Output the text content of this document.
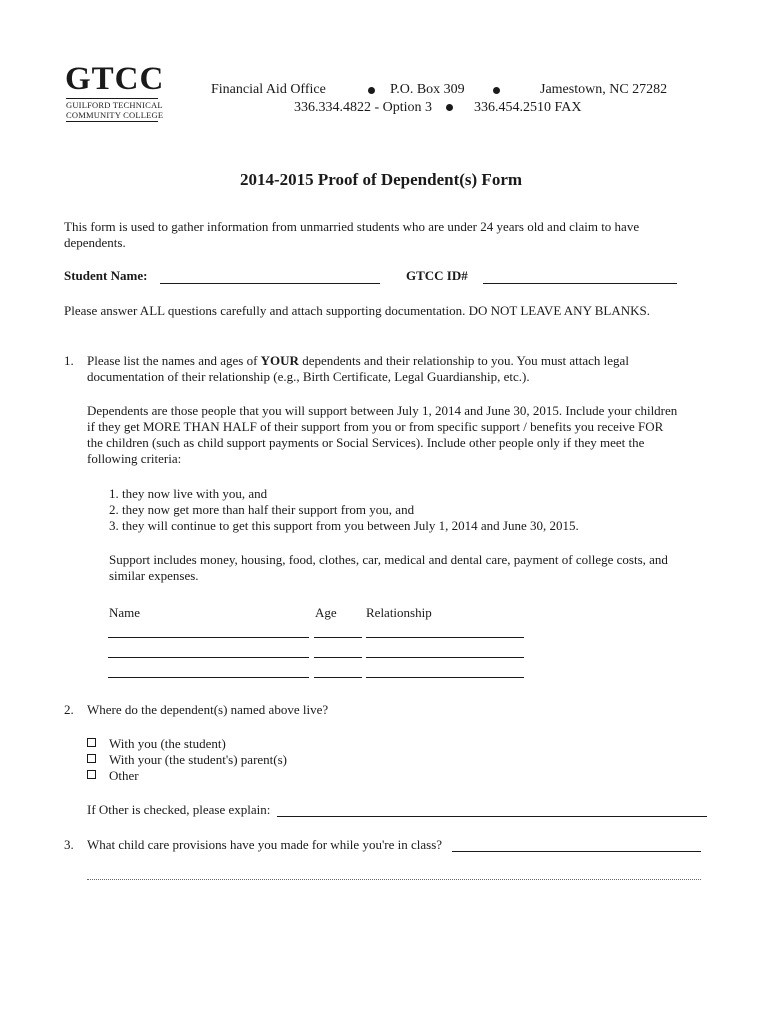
GTCC
GUILFORD TECHNICAL
COMMUNITY COLLEGE
Financial Aid Office	P.O. Box 309	Jamestown, NC 27282
336.334.4822 - Option 3	336.454.2510 FAX
2014-2015 Proof of Dependent(s) Form
This form is used to gather information from unmarried students who are under 24 years old and claim to have
dependents.
Student Name:	GTCC ID#
Please answer ALL questions carefully and attach supporting documentation. DO NOT LEAVE ANY BLANKS.
1. Please list the names and ages of YOUR dependents and their relationship to you. You must attach legal
documentation of their relationship (e.g., Birth Certificate, Legal Guardianship, etc.).
Dependents are those people that you will support between July 1, 2014 and June 30, 2015. Include your children
if they get MORE THAN HALF of their support from you or from specific support / benefits you receive FOR
the children (such as child support payments or Social Services). Include other people only if they meet the
following criteria:
1. they now live with you, and
2. they now get more than half their support from you, and
3. they will continue to get this support from you between July 1, 2014 and June 30, 2015.
Support includes money, housing, food, clothes, car, medical and dental care, payment of college costs, and
similar expenses.
Name	Age Relationship
2. Where do the dependent(s) named above live?
With you (the student)
With your (the student's) parent(s)
Other
If Other is checked, please explain:
3. What child care provisions have you made for while you're in class?
